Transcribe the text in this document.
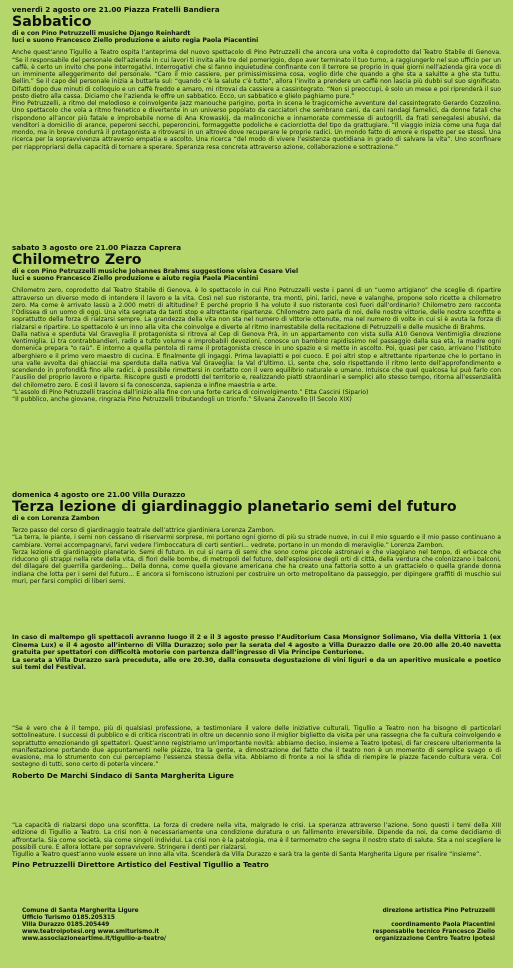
venerdì 2 agosto ore 21.00 Piazza Fratelli Bandiera
Sabbatico
di e con Pino Petruzzelli musiche Django Reinhardt
luci e suono Francesco Ziello produzione e aiuto regia Paola Piacentini

Anche quest’anno Tigullio a Teatro ospita l’anteprima del nuovo spettacolo di Pino Petruzzelli che ancora una volta è coprodotto dal Teatro Stabile di Genova. “Se il responsabile del personale dell’azienda in cui lavori ti invita alle tre del pomeriggio, dopo aver terminato il tuo turno, a raggiungerlo nel suo ufficio per un caffè, è certo un invito che pone interrogativi. Interrogativi che si fanno inquietudine confinante con il terrore se proprio in quei giorni nell’azienda gira voce di un imminente alleggerimento del personale. “Caro il mio cassiere, per primissimissima cosa, voglio dirle che quando a ghe sta a saluitte a ghe sta tuttu. Bellin.” Se il capo del personale inizia a buttarla sul: “quando c’è la salute c’è tutto”, allora l’invito a prendere un caffè non lascia più dubbi sul suo significato. Difatti dopo due minuti di colloquio e un caffè freddo e amaro, mi ritrovai da cassiere a cassintegrato. “Non si preoccupi, è solo un mese e poi riprenderà il suo posto dietro alla cassa. Diciamo che l’azienda le offre un sabbatico. Ecco, un sabbatico e glielo paghiamo pure.”
Pino Petruzzelli, a ritmo del melodioso e coinvolgente jazz manouche parigino, porta in scena le tragicomiche avventure del cassintegrato Gerardo Cozzolino. Uno spettacolo che vola a ritmo frenetico e divertente in un universo popolato da cacciatori che sembrano cani, da cani randagi famelici, da donne fatali che rispondono all’ancor più fatale e improbabile nome di Ana Krowaskij, da malinconiche e innamorate commesse di autogrill, da frati senegalesi abusivi, da venditori a domicilio di arance, peperoni secchi, peperoncini, formaggette podoliche e caciorciotta del tipo da grattugiare. “Il viaggio inizia come una fuga dal mondo, ma in breve condurrà il protagonista a ritrovarsi in un altrove dove recuperare le proprie radici. Un mondo fatto di amore e rispetto per se stessi. Una ricerca per la sopravvivenza attraverso empatia e ascolto. Una ricerca “del modo di vivere l’esistenza quotidiana in grado di salvare la vita”. Uno sconfinare per riappropriarsi della capacità di tornare a sperare. Speranza resa concreta attraverso azione, collaborazione e sottrazione.”

sabato 3 agosto ore 21.00 Piazza Caprera
Chilometro Zero
di e con Pino Petruzzelli musiche Johannes Brahms suggestione visiva Cesare Viel
luci e suono Francesco Ziello produzione e aiuto regia Paola Piacentini

Chilometro zero, coprodotto dal Teatro Stabile di Genova, è lo spettacolo in cui Pino Petruzzelli veste i panni di un “uomo artigiano” che sceglie di ripartire attraverso un diverso modo di intendere il lavoro e la vita. Così nel suo ristorante, tra monti, pini, larici, neve e valanghe, propone solo ricette a chilometro zero. Ma come è arrivato lassù a 2.000 metri di altitudine? E perché proprio lì ha voluto il suo ristorante così fuori dall’ordinario? Chilometro zero racconta l’Odissea di un uomo di oggi. Una vita segnata da tanti stop e altrettante ripartenze. Chilometro zero parla di noi, delle nostre vittorie, delle nostre sconfitte e soprattutto della forza di rialzarsi sempre. La grandezza della vita non sta nel numero di vittorie ottenute, ma nel numero di volte in cui si è avuta la forza di rialzarsi e ripartire. Lo spettacolo è un inno alla vita che coinvolge e diverte al ritmo inarrestabile della recitazione di Petruzzelli e delle musiche di Brahms.
Dalla nativa e sperduta Val Graveglia il protagonista si ritrova al Cep di Genova Prà, in un appartamento con vista sulla A10 Genova Ventimiglia direzione Ventimiglia. Lì tra contrabbandieri, radio a tutto volume e improbabili devozioni, conosce un bambino rapidissimo nel passaggio dalla sua età, la madre ogni domenica prepara “o raù”. E intorno a quella pentola di rame il protagonista cresce in uno spazio e si mette in ascolto. Poi, quasi per caso, arrivano l’Istituto alberghiero e il primo vero maestro di cucina. E finalmente gli ingaggi. Prima lavapiatti e poi cuoco. E poi altri stop e altrettante ripartenze che lo portano in una valle avvolta dai ghiacciai ma sperduta dalla nativa Val Graveglia: la Val d’Ultimo. Lì, sente che, solo rispettando il ritmo lento dell’approfondimento e scendendo in profondità fino alle radici, è possibile rimettersi in contatto con il vero equilibrio naturale e umano. Intuisce che quel qualcosa lui può farlo con l’ausilio del proprio lavoro e riparte. Riscopre gusti e prodotti del territorio e, realizzando piatti straordinari e semplici allo stesso tempo, ritorna all’essenzialità del chilometro zero. E così il lavoro si fa conoscenza, sapienza e infine maestria e arte.
“L’assolo di Pino Petruzzelli trascina dall’inizio alla fine con una forte carica di coinvolgimento.” Etta Cascini (Sipario)
“Il pubblico, anche giovane, ringrazia Pino Petruzzelli tributandogli un trionfo.” Silvana Zanovello (Il Secolo XIX)

domenica 4 agosto ore 21.00 Villa Durazzo
Terza lezione di giardinaggio planetario semi del futuro
di e con Lorenza Zambon

Terzo passo del corso di giardinaggio teatrale dell’attrice giardiniera Lorenza Zambon.
“La terra, le piante, i semi non cessano di riservarmi sorprese, mi portano ogni giorno di più su strade nuove, in cui il mio sguardo e il mio passo continuano a cambiare. Vorrei accompagnarvi, farvi vedere l’imboccatura di certi sentieri... vedrete, portano in un mondo di meraviglie.” Lorenza Zambon.
Terza lezione di giardinaggio planetario. Semi di futuro. In cui si narra di semi che sono come piccole astronavi e che viaggiano nel tempo, di erbacce che riducono gli strappi nella rete della vita, di fiori delle bombe, di metropoli del futuro, dell’esplosione degli orti di città, della verdura che colonizzano i balconi, del dilagare del guerrilla gardening... Della donna, come quella giovane americana che ha creato una fattoria sotto a un grattacielo o quella grande donna indiana che lotta per i semi del futuro... E ancora si forniscono istruzioni per costruire un orto metropolitano da passeggio, per dipingere graffiti di muschio sui muri, per farsi complici di liberi semi.

In caso di maltempo gli spettacoli avranno luogo il 2 e il 3 agosto presso l’Auditorium Casa Monsignor Solimano, Via della Vittoria 1 (ex Cinema Lux) e il 4 agosto all’interno di Villa Durazzo; solo per la serata del 4 agosto a Villa Durazzo dalle ore 20.00 alle 20.40 navetta gratuita per spettatori con difficoltà motorie con partenza dall’ingresso di Via Principe Centurione.
La serata a Villa Durazzo sarà preceduta, alle ore 20.30, dalla consueta degustazione di vini liguri e da un aperitivo musicale e poetico sui temi del Festival.

“Se è vero che è il tempo, più di qualsiasi professione, a testimoniare il valore delle iniziative culturali, Tigullio a Teatro non ha bisogno di particolari sottolineature. I successi di pubblico e di critica riscontrati in oltre un decennio sono il miglior biglietto da visita per una rassegna che fa cultura coinvolgendo e soprattutto emozionando gli spettatori. Quest’anno registriamo un’importante novità: abbiamo deciso, insieme a Teatro Ipotesi, di far crescere ulteriormente la manifestazione portando due appuntamenti nelle piazze, tra la gente, a dimostrazione del fatto che il teatro non è un momento di semplice svago o di evasione, ma lo strumento con cui percepiamo l’essenza stessa della vita. Abbiamo di fronte a noi la sfida di riempire le piazze facendo cultura vera. Col sostegno di tutti, sono certo di poterla vincere.”

Roberto De Marchi Sindaco di Santa Margherita Ligure

“La capacità di rialzarsi dopo una sconfitta. La forza di credere nella vita, malgrado le crisi. La speranza attraverso l’azione. Sono questi i temi della XIII edizione di Tigullio a Teatro. La crisi non è necessariamente una condizione duratura o un fallimento irreversibile. Dipende da noi, da come decidiamo di affrontarla. Sia come società, sia come singoli individui. La crisi non è la patologia, ma è il termometro che segna il nostro stato di salute. Sta a noi scegliere le possibili cure. E allora lottare per sopravvivere. Stringere i denti per rialzarsi.
Tigullio a Teatro quest’anno vuole essere un inno alla vita. Scenderà da Villa Durazzo e sarà tra la gente di Santa Margherita Ligure per risalire “insieme”.

Pino Petruzzelli Direttore Artistico del Festival Tigullio a Teatro
Comune di Santa Margherita Ligure
Ufficio Turismo 0185.205315
Villa Durazzo 0185.205449
www.teatroipotesi.org www.smlturismo.it
www.associazioneartime.it/tigullio-a-teatro/
direzione artistica Pino Petruzzelli
coordinamento Paola Piacentini
responsabile tecnico Francesco Ziello
organizzazione Centro Teatro Ipotesi
